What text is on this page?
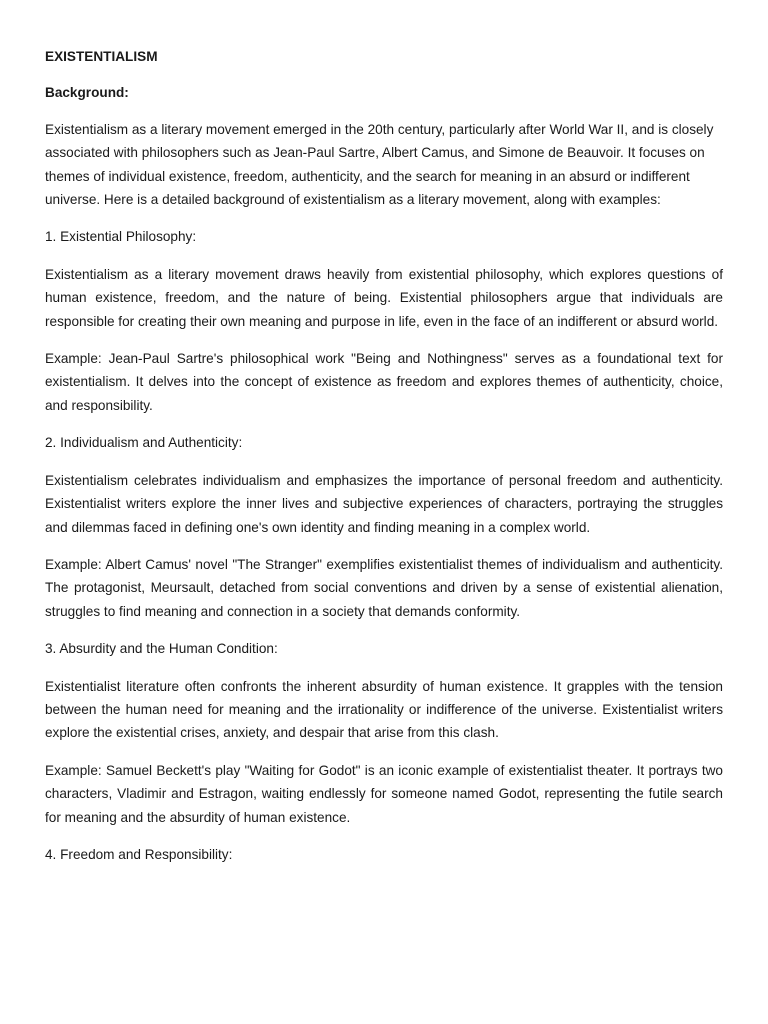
EXISTENTIALISM
Background:
Existentialism as a literary movement emerged in the 20th century, particularly after World War II, and is closely associated with philosophers such as Jean-Paul Sartre, Albert Camus, and Simone de Beauvoir. It focuses on themes of individual existence, freedom, authenticity, and the search for meaning in an absurd or indifferent universe. Here is a detailed background of existentialism as a literary movement, along with examples:
1. Existential Philosophy:
Existentialism as a literary movement draws heavily from existential philosophy, which explores questions of human existence, freedom, and the nature of being. Existential philosophers argue that individuals are responsible for creating their own meaning and purpose in life, even in the face of an indifferent or absurd world.
Example: Jean-Paul Sartre's philosophical work "Being and Nothingness" serves as a foundational text for existentialism. It delves into the concept of existence as freedom and explores themes of authenticity, choice, and responsibility.
2. Individualism and Authenticity:
Existentialism celebrates individualism and emphasizes the importance of personal freedom and authenticity. Existentialist writers explore the inner lives and subjective experiences of characters, portraying the struggles and dilemmas faced in defining one's own identity and finding meaning in a complex world.
Example: Albert Camus' novel "The Stranger" exemplifies existentialist themes of individualism and authenticity. The protagonist, Meursault, detached from social conventions and driven by a sense of existential alienation, struggles to find meaning and connection in a society that demands conformity.
3. Absurdity and the Human Condition:
Existentialist literature often confronts the inherent absurdity of human existence. It grapples with the tension between the human need for meaning and the irrationality or indifference of the universe. Existentialist writers explore the existential crises, anxiety, and despair that arise from this clash.
Example: Samuel Beckett's play "Waiting for Godot" is an iconic example of existentialist theater. It portrays two characters, Vladimir and Estragon, waiting endlessly for someone named Godot, representing the futile search for meaning and the absurdity of human existence.
4. Freedom and Responsibility:
